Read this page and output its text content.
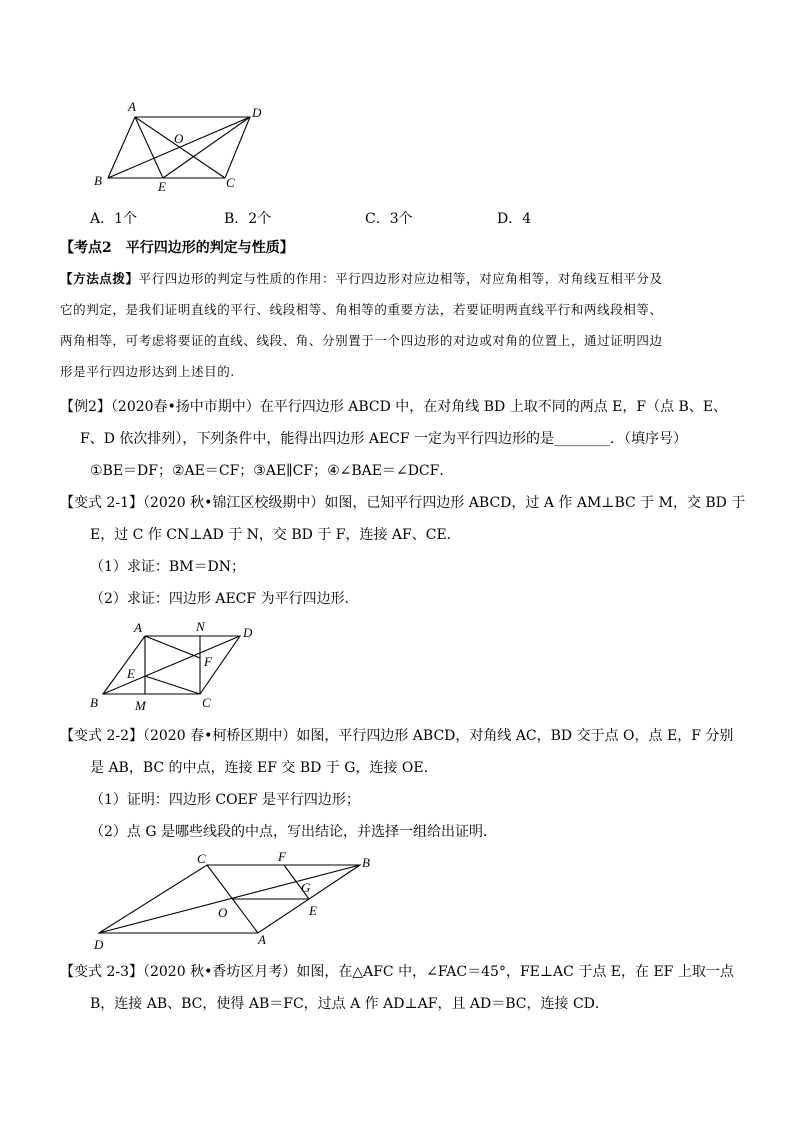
A	D
O
B	E	C
A．1个	B．2个	C．3个	D．4
【考点2　平行四边形的判定与性质】
【方法点拨】平行四边形的判定与性质的作用：平行四边形对应边相等，对应角相等，对角线互相平分及
它的判定，是我们证明直线的平行、线段相等、角相等的重要方法，若要证明两直线平行和两线段相等、
两角相等，可考虑将要证的直线、线段、角、分别置于一个四边形的对边或对角的位置上，通过证明四边
形是平行四边形达到上述目的.
【例2】（2020春•扬中市期中）在平行四边形 ABCD 中，在对角线 BD 上取不同的两点 E，F（点 B、E、
F、D 依次排列），下列条件中，能得出四边形 AECF 一定为平行四边形的是________．（填序号）
①BE＝DF；②AE＝CF；③AE∥CF；④∠BAE＝∠DCF．
【变式 2-1】（2020 秋•锦江区校级期中）如图，已知平行四边形 ABCD，过 A 作 AM⊥BC 于 M，交 BD 于
E，过 C 作 CN⊥AD 于 N，交 BD 于 F，连接 AF、CE．
（1）求证：BM＝DN；
（2）求证：四边形 AECF 为平行四边形．
A	N	D
F
E
B	M	C
【变式 2-2】（2020 春•柯桥区期中）如图，平行四边形 ABCD，对角线 AC，BD 交于点 O，点 E，F 分别
是 AB，BC 的中点，连接 EF 交 BD 于 G，连接 OE．
（1）证明：四边形 COEF 是平行四边形；
（2）点 G 是哪些线段的中点，写出结论，并选择一组给出证明．
C	F	B
G
O	E
D	A
【变式 2-3】（2020 秋•香坊区月考）如图，在△AFC 中，∠FAC＝45°，FE⊥AC 于点 E，在 EF 上取一点
B，连接 AB、BC，使得 AB＝FC，过点 A 作 AD⊥AF，且 AD＝BC，连接 CD．
